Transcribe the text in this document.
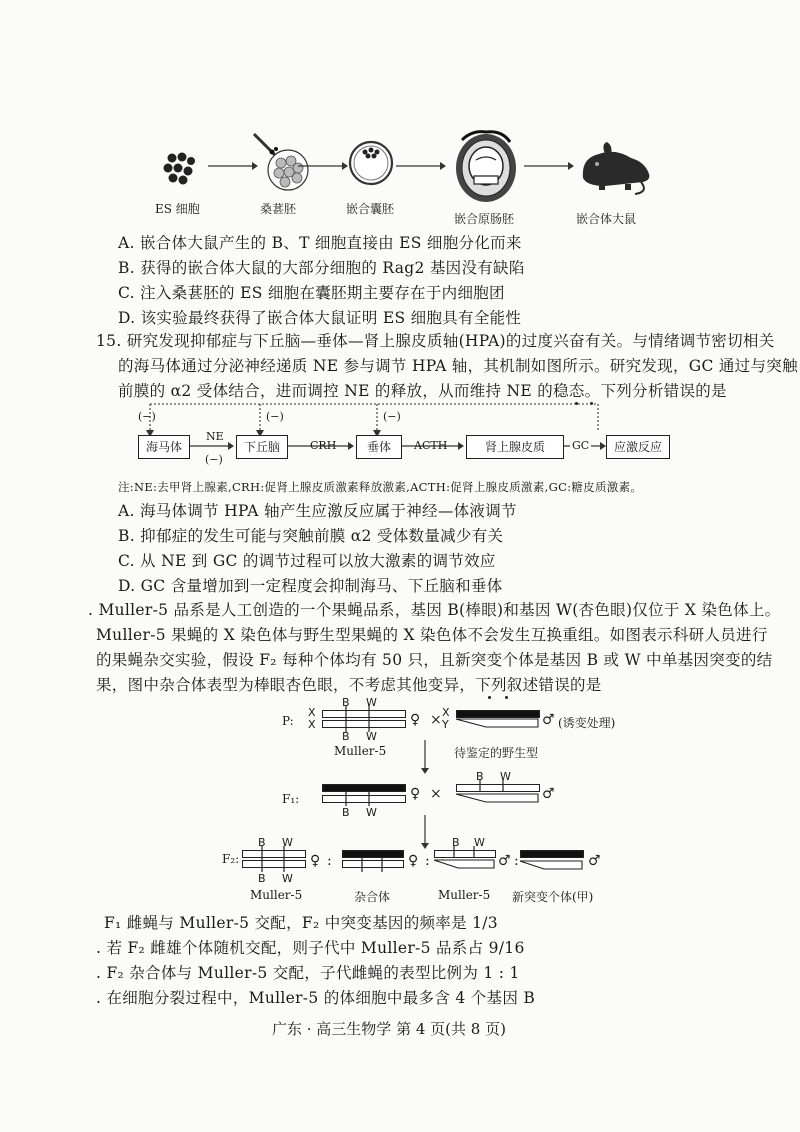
ES 细胞	桑葚胚	嵌合囊胚
嵌合原肠胚	嵌合体大鼠
A. 嵌合体大鼠产生的 B、T 细胞直接由 ES 细胞分化而来
B. 获得的嵌合体大鼠的大部分细胞的 Rag2 基因没有缺陷
C. 注入桑葚胚的 ES 细胞在囊胚期主要存在于内细胞团
D. 该实验最终获得了嵌合体大鼠证明 ES 细胞具有全能性
15. 研究发现抑郁症与下丘脑—垂体—肾上腺皮质轴(HPA)的过度兴奋有关。与情绪调节密切相关
的海马体通过分泌神经递质 NE 参与调节 HPA 轴，其机制如图所示。研究发现，GC 通过与突触
前膜的 α2 受体结合，进而调控 NE 的释放，从而维持 NE 的稳态。下列分析错误的是
(−)	(−)	(−)
(−)
海马体	下丘脑	垂体	肾上腺皮质	应激反应
NE
CRH	ACTH	GC
注:NE:去甲肾上腺素,CRH:促肾上腺皮质激素释放激素,ACTH:促肾上腺皮质激素,GC:糖皮质激素。
A. 海马体调节 HPA 轴产生应激反应属于神经—体液调节
B. 抑郁症的发生可能与突触前膜 α2 受体数量减少有关
C. 从 NE 到 GC 的调节过程可以放大激素的调节效应
D. GC 含量增加到一定程度会抑制海马、下丘脑和垂体
. Muller-5 品系是人工创造的一个果蝇品系，基因 B(棒眼)和基因 W(杏色眼)仅位于 X 染色体上。
Muller-5 果蝇的 X 染色体与野生型果蝇的 X 染色体不会发生互换重组。如图表示科研人员进行
的果蝇杂交实验，假设 F₂ 每种个体均有 50 只，且新突变个体是基因 B 或 W 中单基因突变的结
果，图中杂合体表型为棒眼杏色眼，不考虑其他变异，下列叙述错误的是
P:
X
X
B W
B W
Muller-5
♀ × X
Y	♂ (诱变处理)
待鉴定的野生型
F₁:
B W
♀ ×
B W
♂
F₂:
B W
B W
♀ :
Muller-5
♀ :
杂合体
B W
♂ :
Muller-5
♂
新突变个体(甲)
F₁ 雌蝇与 Muller-5 交配，F₂ 中突变基因的频率是 1/3
. 若 F₂ 雌雄个体随机交配，则子代中 Muller-5 品系占 9/16
. F₂ 杂合体与 Muller-5 交配，子代雌蝇的表型比例为 1 : 1
. 在细胞分裂过程中，Muller-5 的体细胞中最多含 4 个基因 B
广东 · 高三生物学 第 4 页(共 8 页)
